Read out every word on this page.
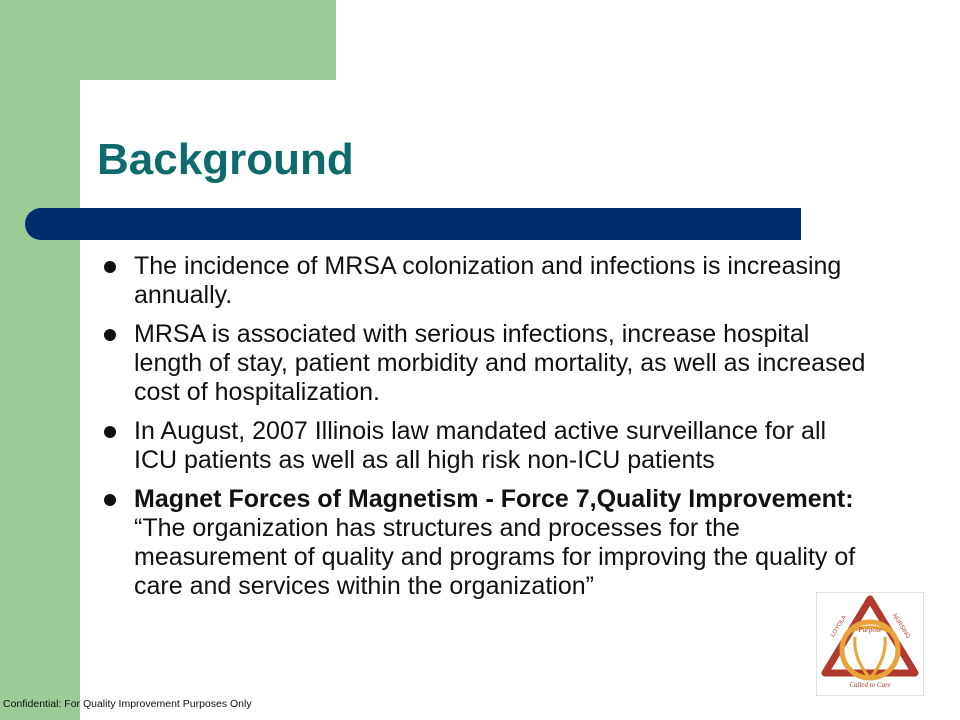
Background
The incidence of MRSA colonization and infections is increasing annually.
MRSA is associated with serious infections, increase hospital length of stay, patient morbidity and mortality, as well as increased cost of hospitalization.
In August, 2007 Illinois law mandated active surveillance for all ICU patients as well as all high risk non-ICU patients
Magnet Forces of Magnetism - Force 7,Quality Improvement: “The organization has structures and processes for the measurement of quality and programs for improving the quality of care and services within the organization”
Purpose
LOYOLA	NURSING
Called to Care
Confidential: For Quality Improvement Purposes Only
